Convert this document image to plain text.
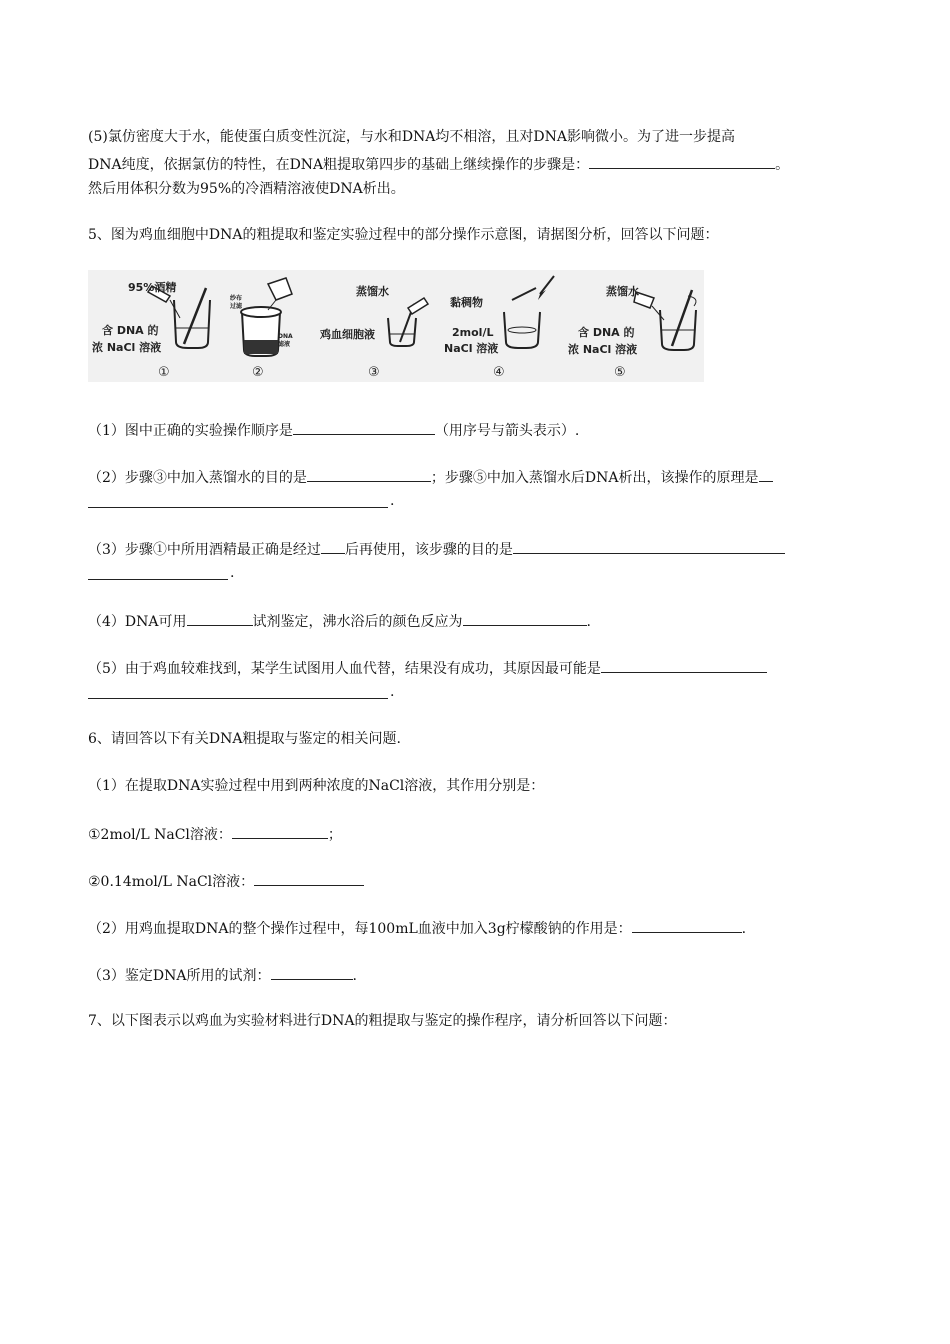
(5)氯仿密度大于水，能使蛋白质变性沉淀，与水和DNA均不相溶，且对DNA影响微小。为了进一步提高
DNA纯度，依据氯仿的特性，在DNA粗提取第四步的基础上继续操作的步骤是：	。
然后用体积分数为95%的冷酒精溶液使DNA析出。
5、图为鸡血细胞中DNA的粗提取和鉴定实验过程中的部分操作示意图，请据图分析，回答以下问题：
95%酒精
含 DNA 的
浓 NaCl 溶液
纱布
过滤
DNA
滤液
蒸馏水
鸡血细胞液
黏稠物
2mol/L
NaCl 溶液
蒸馏水
含 DNA 的
浓 NaCl 溶液
①	②	③	④	⑤
（1）图中正确的实验操作顺序是	（用序号与箭头表示）.
（2）步骤③中加入蒸馏水的目的是	；步骤⑤中加入蒸馏水后DNA析出，该操作的原理是
.
（3）步骤①中所用酒精最正确是经过 后再使用，该步骤的目的是
.
（4）DNA可用	试剂鉴定，沸水浴后的颜色反应为	.
（5）由于鸡血较难找到，某学生试图用人血代替，结果没有成功，其原因最可能是
.
6、请回答以下有关DNA粗提取与鉴定的相关问题.
（1）在提取DNA实验过程中用到两种浓度的NaCl溶液，其作用分别是：
①2mol/L NaCl溶液：	；
②0.14mol/L NaCl溶液：
（2）用鸡血提取DNA的整个操作过程中，每100mL血液中加入3g柠檬酸钠的作用是：	.
（3）鉴定DNA所用的试剂：	.
7、以下图表示以鸡血为实验材料进行DNA的粗提取与鉴定的操作程序，请分析回答以下问题：
